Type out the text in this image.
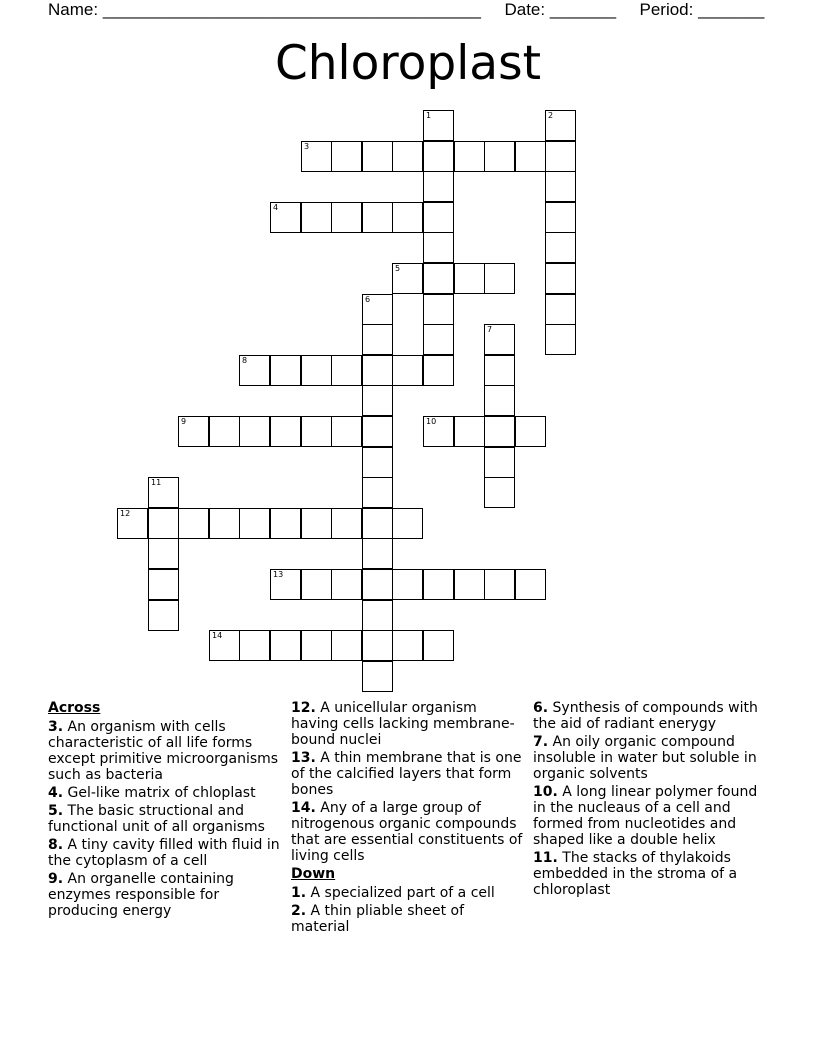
Name: ________________________________________ Date: _______ Period: _______
Chloroplast
1	2
3
4
5
6
7
8
9	10
11
12
13
14
Across
3. An organism with cells characteristic of all life forms except primitive microorganisms such as bacteria
4. Gel-like matrix of chloplast
5. The basic structional and functional unit of all organisms
8. A tiny cavity filled with fluid in the cytoplasm of a cell
9. An organelle containing enzymes responsible for producing energy
12. A unicellular organism having cells lacking membrane-bound nuclei
13. A thin membrane that is one of the calcified layers that form bones
14. Any of a large group of nitrogenous organic compounds that are essential constituents of living cells
Down
1. A specialized part of a cell
2. A thin pliable sheet of material
6. Synthesis of compounds with the aid of radiant enerygy
7. An oily organic compound insoluble in water but soluble in organic solvents
10. A long linear polymer found in the nucleaus of a cell and formed from nucleotides and shaped like a double helix
11. The stacks of thylakoids embedded in the stroma of a chloroplast
